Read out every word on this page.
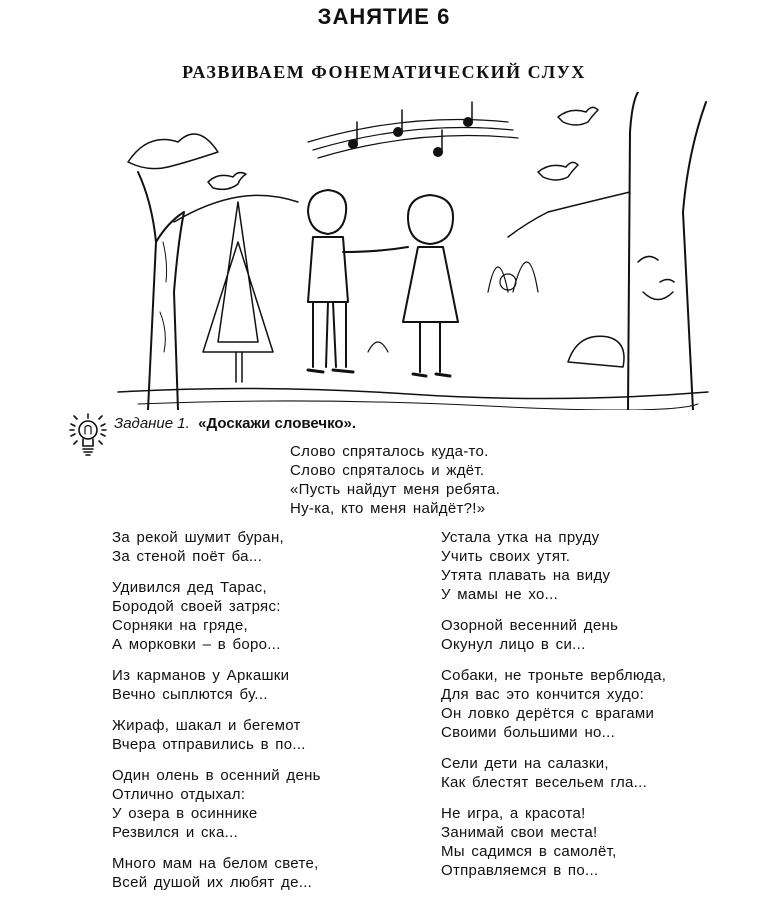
ЗАНЯТИЕ 6
РАЗВИВАЕМ ФОНЕМАТИЧЕСКИЙ СЛУХ
Задание 1. «Доскажи словечко».
Слово спряталось куда-то.
Слово спряталось и ждёт.
«Пусть найдут меня ребята.
Ну-ка, кто меня найдёт?!»
За рекой шумит буран,
За стеной поёт ба...
Удивился дед Тарас,
Бородой своей затряс:
Сорняки на гряде,
А морковки – в боро...
Из карманов у Аркашки
Вечно сыплются бу...
Жираф, шакал и бегемот
Вчера отправились в по...
Один олень в осенний день
Отлично отдыхал:
У озера в осиннике
Резвился и ска...
Много мам на белом свете,
Всей душой их любят де...
Устала утка на пруду
Учить своих утят.
Утята плавать на виду
У мамы не хо...
Озорной весенний день
Окунул лицо в си...
Собаки, не троньте верблюда,
Для вас это кончится худо:
Он ловко дерётся с врагами
Своими большими но...
Сели дети на салазки,
Как блестят весельем гла...
Не игра, а красота!
Занимай свои места!
Мы садимся в самолёт,
Отправляемся в по...
